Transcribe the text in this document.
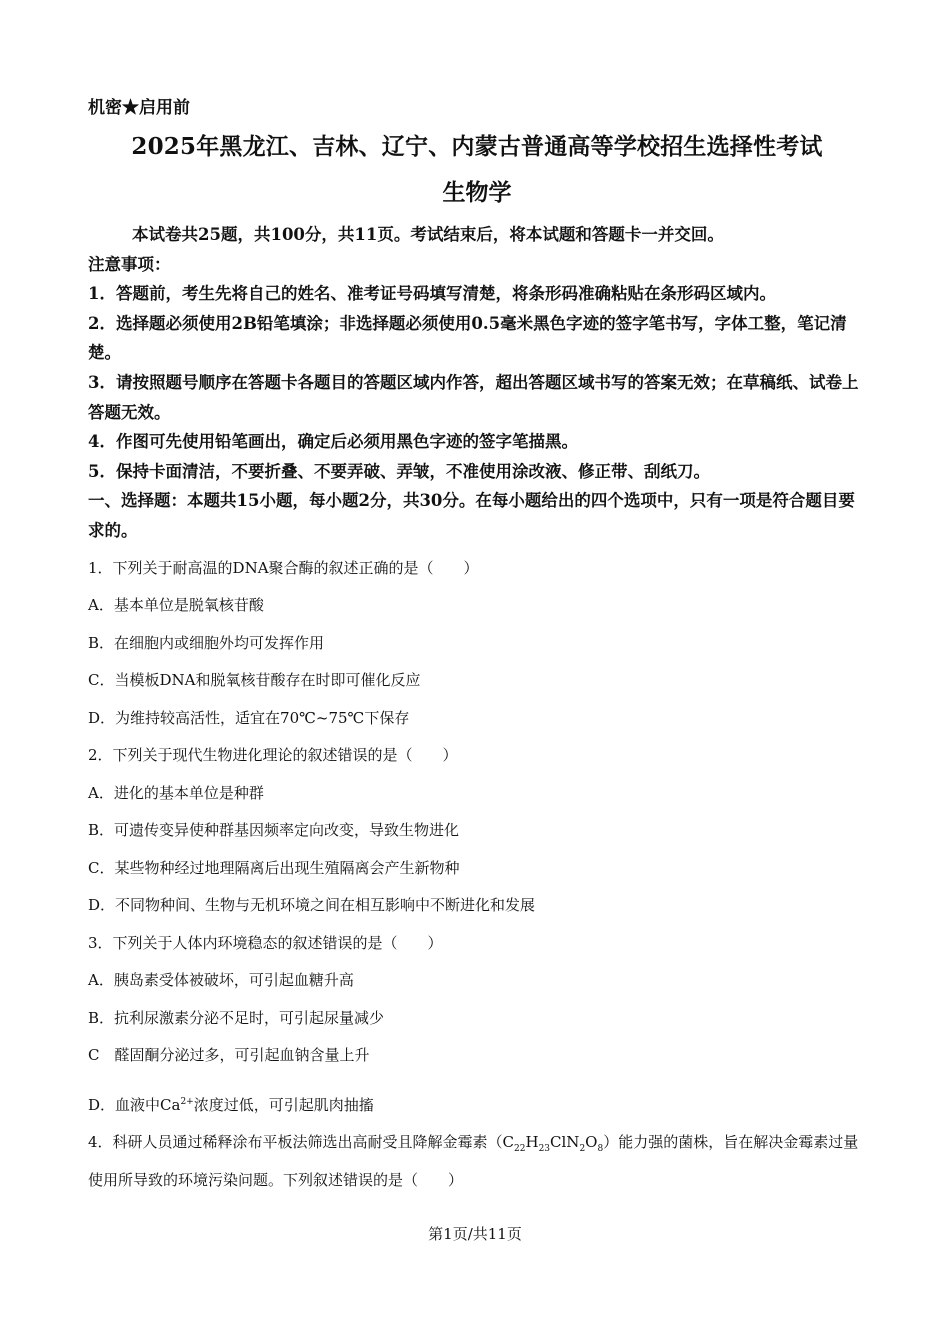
机密★启用前

2025年黑龙江、吉林、辽宁、内蒙古普通高等学校招生选择性考试

生物学

本试卷共25题，共100分，共11页。考试结束后，将本试题和答题卡一并交回。

注意事项：

1．答题前，考生先将自己的姓名、准考证号码填写清楚，将条形码准确粘贴在条形码区域内。

2．选择题必须使用2B铅笔填涂；非选择题必须使用0.5毫米黑色字迹的签字笔书写，字体工整，笔记清楚。

3．请按照题号顺序在答题卡各题目的答题区域内作答，超出答题区域书写的答案无效；在草稿纸、试卷上答题无效。

4．作图可先使用铅笔画出，确定后必须用黑色字迹的签字笔描黑。

5．保持卡面清洁，不要折叠、不要弄破、弄皱，不准使用涂改液、修正带、刮纸刀。

一、选择题：本题共15小题，每小题2分，共30分。在每小题给出的四个选项中，只有一项是符合题目要求的。

1．下列关于耐高温的DNA聚合酶的叙述正确的是（　　）

A．基本单位是脱氧核苷酸

B．在细胞内或细胞外均可发挥作用

C．当模板DNA和脱氧核苷酸存在时即可催化反应

D．为维持较高活性，适宜在70℃~75℃下保存

2．下列关于现代生物进化理论的叙述错误的是（　　）

A．进化的基本单位是种群

B．可遗传变异使种群基因频率定向改变，导致生物进化

C．某些物种经过地理隔离后出现生殖隔离会产生新物种

D．不同物种间、生物与无机环境之间在相互影响中不断进化和发展

3．下列关于人体内环境稳态的叙述错误的是（　　）

A．胰岛素受体被破坏，可引起血糖升高

B．抗利尿激素分泌不足时，可引起尿量减少

C　醛固酮分泌过多，可引起血钠含量上升

D．血液中$Ca^{2+}$浓度过低，可引起肌肉抽搐

4．科研人员通过稀释涂布平板法筛选出高耐受且降解金霉素$(C_{22}H_{23}ClN_2O_8)$能力强的菌株，旨在解决金霉素过量使用所导致的环境污染问题。下列叙述错误的是（　　）

第1页/共11页
